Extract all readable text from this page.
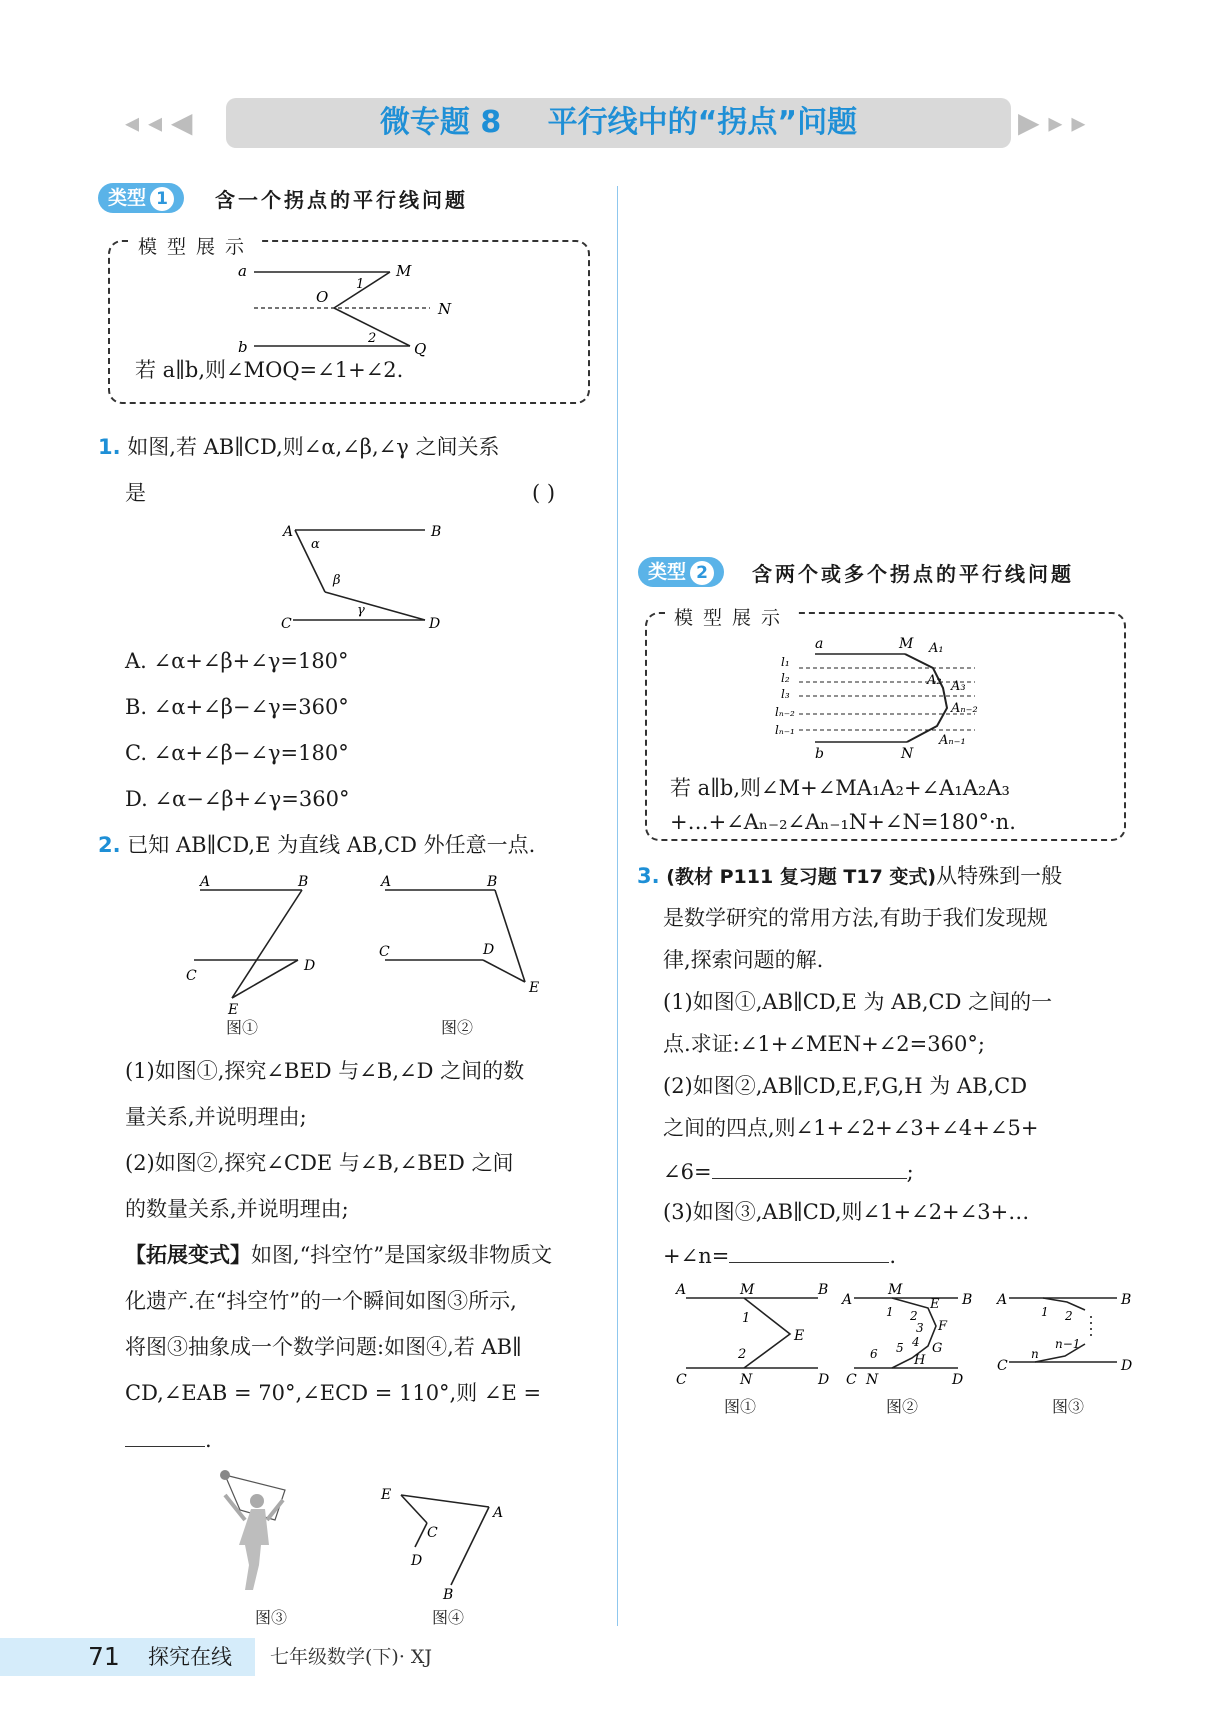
◂ ◂ ◀	微专题 8 平行线中的“拐点”问题	▶ ▸ ▸
类型 1	含一个拐点的平行线问题
模型展示
a	M
O
1
N
2
b	Q
若 a∥b,则∠MOQ=∠1+∠2.
1. 如图,若 AB∥CD,则∠α,∠β,∠γ 之间关系
是	( )
A	B
α
β
γ
C	D
A. ∠α+∠β+∠γ=180°
B. ∠α+∠β−∠γ=360°
C. ∠α+∠β−∠γ=180°
D. ∠α−∠β+∠γ=360°
2. 已知 AB∥CD,E 为直线 AB,CD 外任意一点.
A	B
C
D
E
图①
A	B
C	D
E
图②
(1)如图①,探究∠BED 与∠B,∠D 之间的数
量关系,并说明理由;
(2)如图②,探究∠CDE 与∠B,∠BED 之间
的数量关系,并说明理由;
【拓展变式】如图,“抖空竹”是国家级非物质文
化遗产.在“抖空竹”的一个瞬间如图③所示,
将图③抽象成一个数学问题:如图④,若 AB∥
CD,∠EAB = 70°,∠ECD = 110°,则 ∠E =
.
图③
E
A
C
D
B
图④
类型 2	含两个或多个拐点的平行线问题
模型展示
a	M A₁
A₂ A₃
Aₙ₋₂
Aₙ₋₁
l₁
l₂
l₃
lₙ₋₂
lₙ₋₁
b	N
若 a∥b,则∠M+∠MA₁A₂+∠A₁A₂A₃
+…+∠Aₙ₋₂∠Aₙ₋₁N+∠N=180°·n.
3. (教材 P111 复习题 T17 变式)从特殊到一般
是数学研究的常用方法,有助于我们发现规
律,探索问题的解.
(1)如图①,AB∥CD,E 为 AB,CD 之间的一
点.求证:∠1+∠MEN+∠2=360°;
(2)如图②,AB∥CD,E,F,G,H 为 AB,CD
之间的四点,则∠1+∠2+∠3+∠4+∠5+
∠6=	;
(3)如图③,AB∥CD,则∠1+∠2+∠3+…
+∠n=	.
A	M	B
1
E
2
C	N	D
图①
A
M
B
1 2
E
3 F
4 G
5
H
6
C N	D
图②
A	B
1 2
n−1
n
C	D
图③
71 探究在线 七年级数学(下)· XJ
